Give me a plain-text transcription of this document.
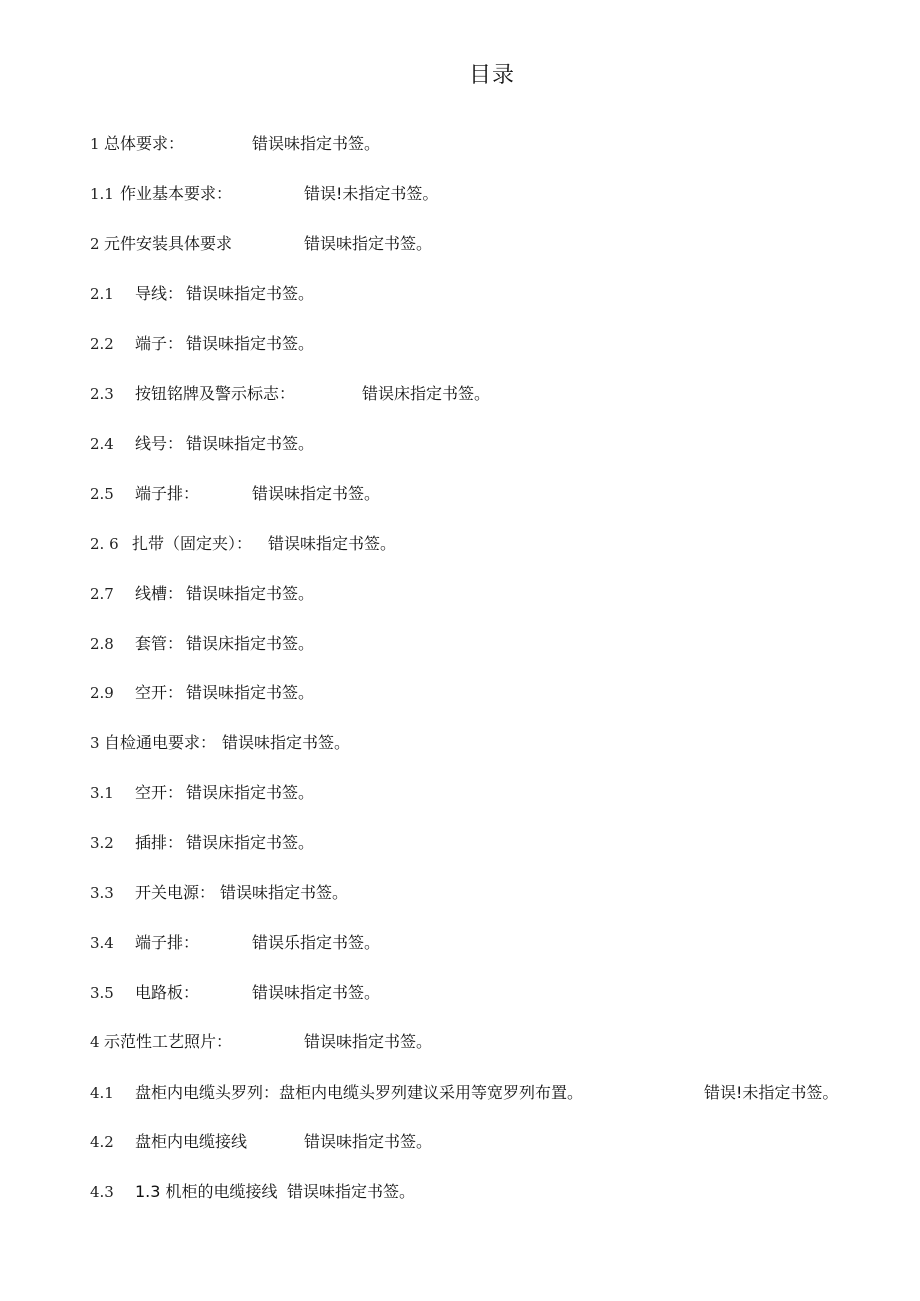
目录
1 总体要求：	错误味指定书签。
1.1 作业基本要求：	错误!未指定书签。
2 元件安装具体要求	错误味指定书签。
2.1 导线： 错误味指定书签。
2.2 端子： 错误味指定书签。
2.3 按钮铭牌及警示标志：	错误床指定书签。
2.4 线号： 错误味指定书签。
2.5 端子排：	错误味指定书签。
2. 6 扎带（固定夹）： 错误味指定书签。
2.7 线槽： 错误味指定书签。
2.8 套管： 错误床指定书签。
2.9 空开： 错误味指定书签。
3 自检通电要求： 错误味指定书签。
3.1 空开： 错误床指定书签。
3.2 插排： 错误床指定书签。
3.3 开关电源： 错误味指定书签。
3.4 端子排：	错误乐指定书签。
3.5 电路板：	错误味指定书签。
4 示范性工艺照片：	错误味指定书签。
4.1 盘柜内电缆头罗列：盘柜内电缆头罗列建议采用等宽罗列布置。	错误!未指定书签。
4.2 盘柜内电缆接线	错误味指定书签。
4.3 1.3 机柜的电缆接线 错误味指定书签。
